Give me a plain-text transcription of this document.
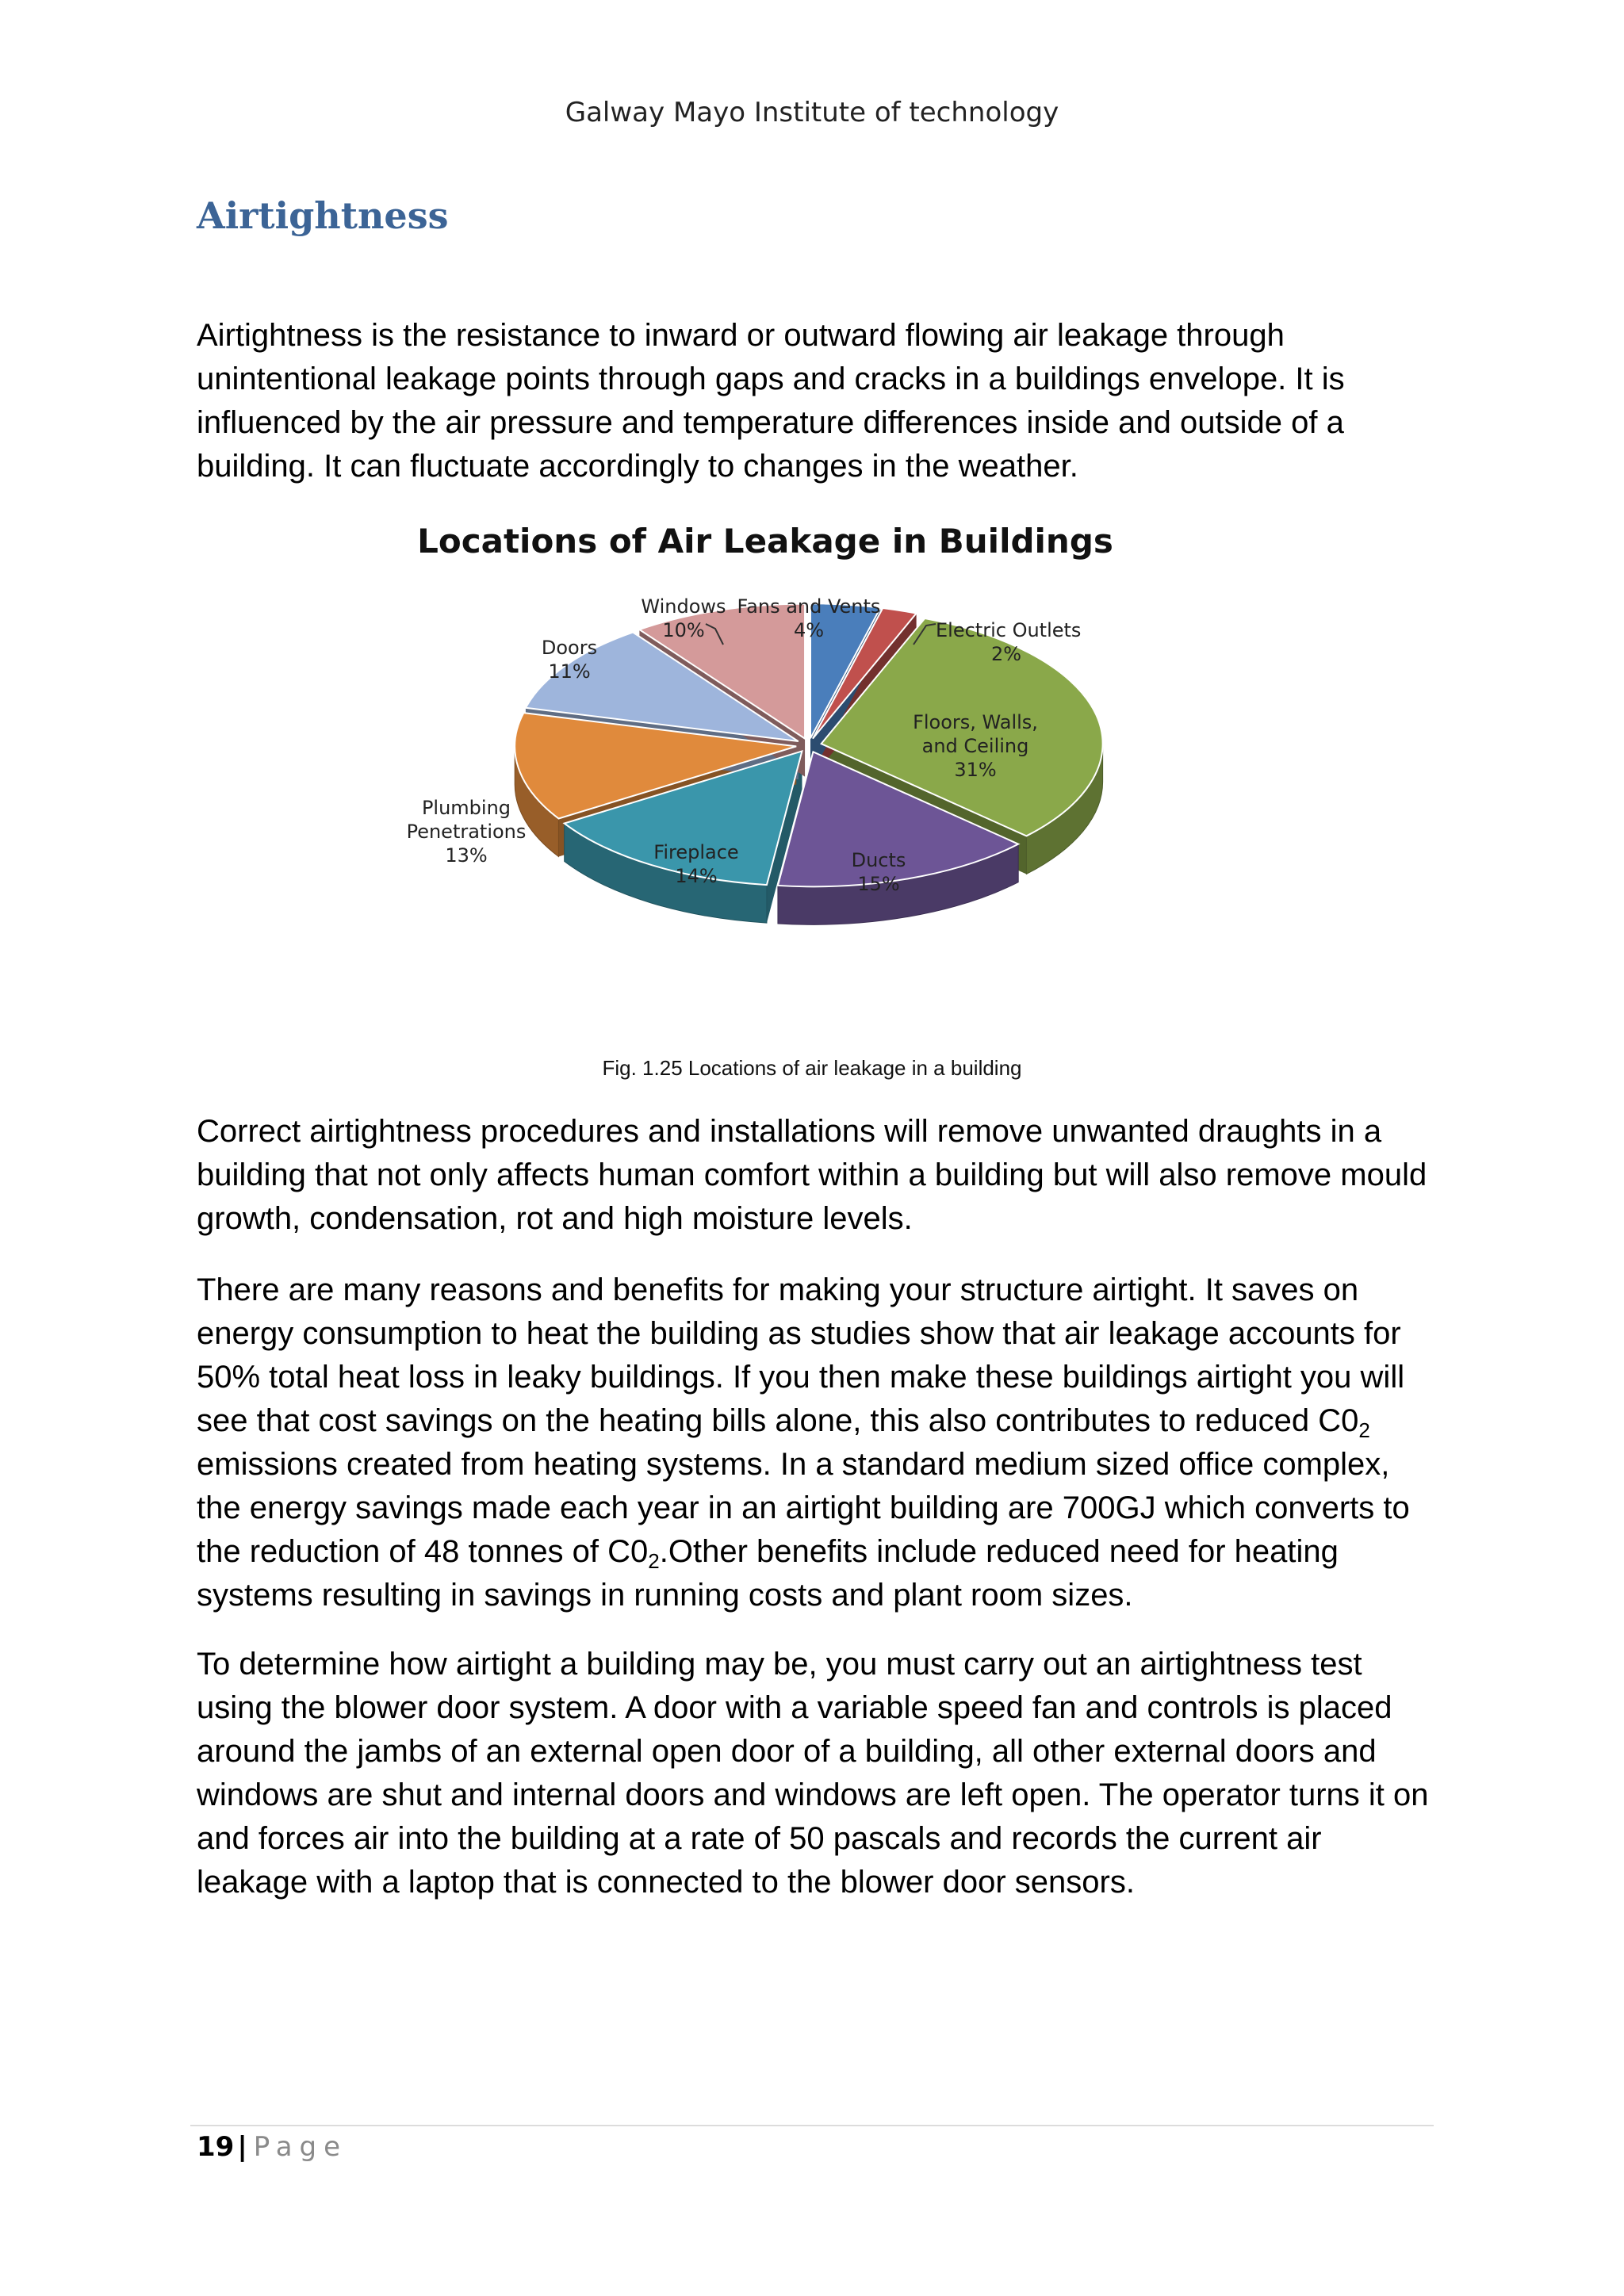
Galway Mayo Institute of technology
Airtightness

Airtightness is the resistance to inward or outward flowing air leakage through unintentional leakage points through gaps and cracks in a buildings envelope. It is influenced by the air pressure and temperature differences inside and outside of a building. It can fluctuate accordingly to changes in the weather.

Locations of Air Leakage in Buildings
Fans and Vents 4%	Electric Outlets 2%
Floors, Walls, and Ceiling 31%
Ducts 15%
Fireplace 14%
Plumbing Penetrations 13%
Doors 11%
Windows 10%
Fig. 1.25 Locations of air leakage in a building

Correct airtightness procedures and installations will remove unwanted draughts in a building that not only affects human comfort within a building but will also remove mould growth, condensation, rot and high moisture levels.

There are many reasons and benefits for making your structure airtight. It saves on energy consumption to heat the building as studies show that air leakage accounts for 50% total heat loss in leaky buildings. If you then make these buildings airtight you will see that cost savings on the heating bills alone, this also contributes to reduced $C0_2$ emissions created from heating systems. In a standard medium sized office complex, the energy savings made each year in an airtight building are 700GJ which converts to the reduction of 48 tonnes of $C0_2.Other$ benefits include reduced need for heating systems resulting in savings in running costs and plant room sizes.

To determine how airtight a building may be, you must carry out an airtightness test using the blower door system. A door with a variable speed fan and controls is placed around the jambs of an external open door of a building, all other external doors and windows are shut and internal doors and windows are left open. The operator turns it on and forces air into the building at a rate of 50 pascals and records the current air leakage with a laptop that is connected to the blower door sensors.

19 | Page
